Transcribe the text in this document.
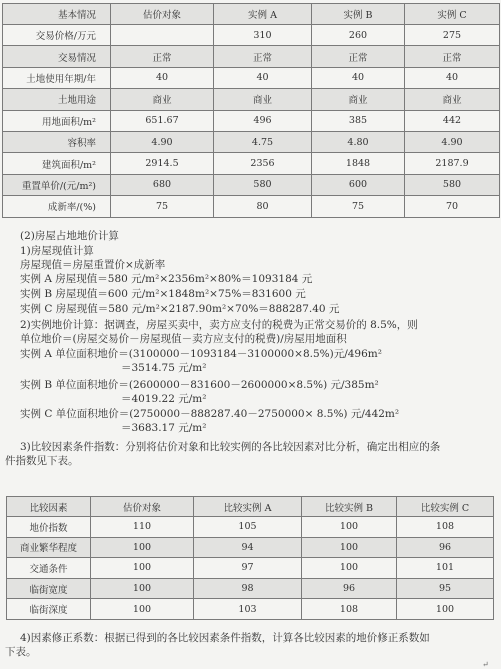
基本情况	估价对象	实例 A	实例 B	实例 C
交易价格/万元		310	260	275
交易情况	正常	正常	正常	正常
土地使用年期/年	40	40	40	40
土地用途	商业	商业	商业	商业
用地面积/m²	651.67	496	385	442
容积率	4.90	4.75	4.80	4.90
建筑面积/m²	2914.5	2356	1848	2187.9
重置单价/(元/m²)	680	580	600	580
成新率/(%)	75	80	75	70
(2)房屋占地地价计算
1)房屋现值计算
房屋现值＝房屋重置价×成新率
实例 A 房屋现值＝580 元/m²×2356m²×80%＝1093184 元
实例 B 房屋现值＝600 元/m²×1848m²×75%＝831600 元
实例 C 房屋现值＝580 元/m²×2187.90m²×70%＝888287.40 元
2)实例地价计算：据调查，房屋买卖中，卖方应支付的税费为正常交易价的 8.5%，则
单位地价＝(房屋交易价－房屋现值－卖方应支付的税费)/房屋用地面积
实例 A 单位面积地价＝(3100000－1093184－3100000×8.5%)元/496m²
＝3514.75 元/m²
实例 B 单位面积地价＝(2600000－831600－2600000×8.5%) 元/385m²
＝4019.22 元/m²
实例 C 单位面积地价＝(2750000－888287.40－2750000× 8.5%) 元/442m²
＝3683.17 元/m²
3)比较因素条件指数：分别将估价对象和比较实例的各比较因素对比分析，确定出相应的条
件指数见下表。
比较因素	估价对象	比较实例 A	比较实例 B	比较实例 C
地价指数	110	105	100	108
商业繁华程度	100	94	100	96
交通条件	100	97	100	101
临街宽度	100	98	96	95
临街深度	100	103	108	100
4)因素修正系数：根据已得到的各比较因素条件指数，计算各比较因素的地价修正系数如
下表。
↵
